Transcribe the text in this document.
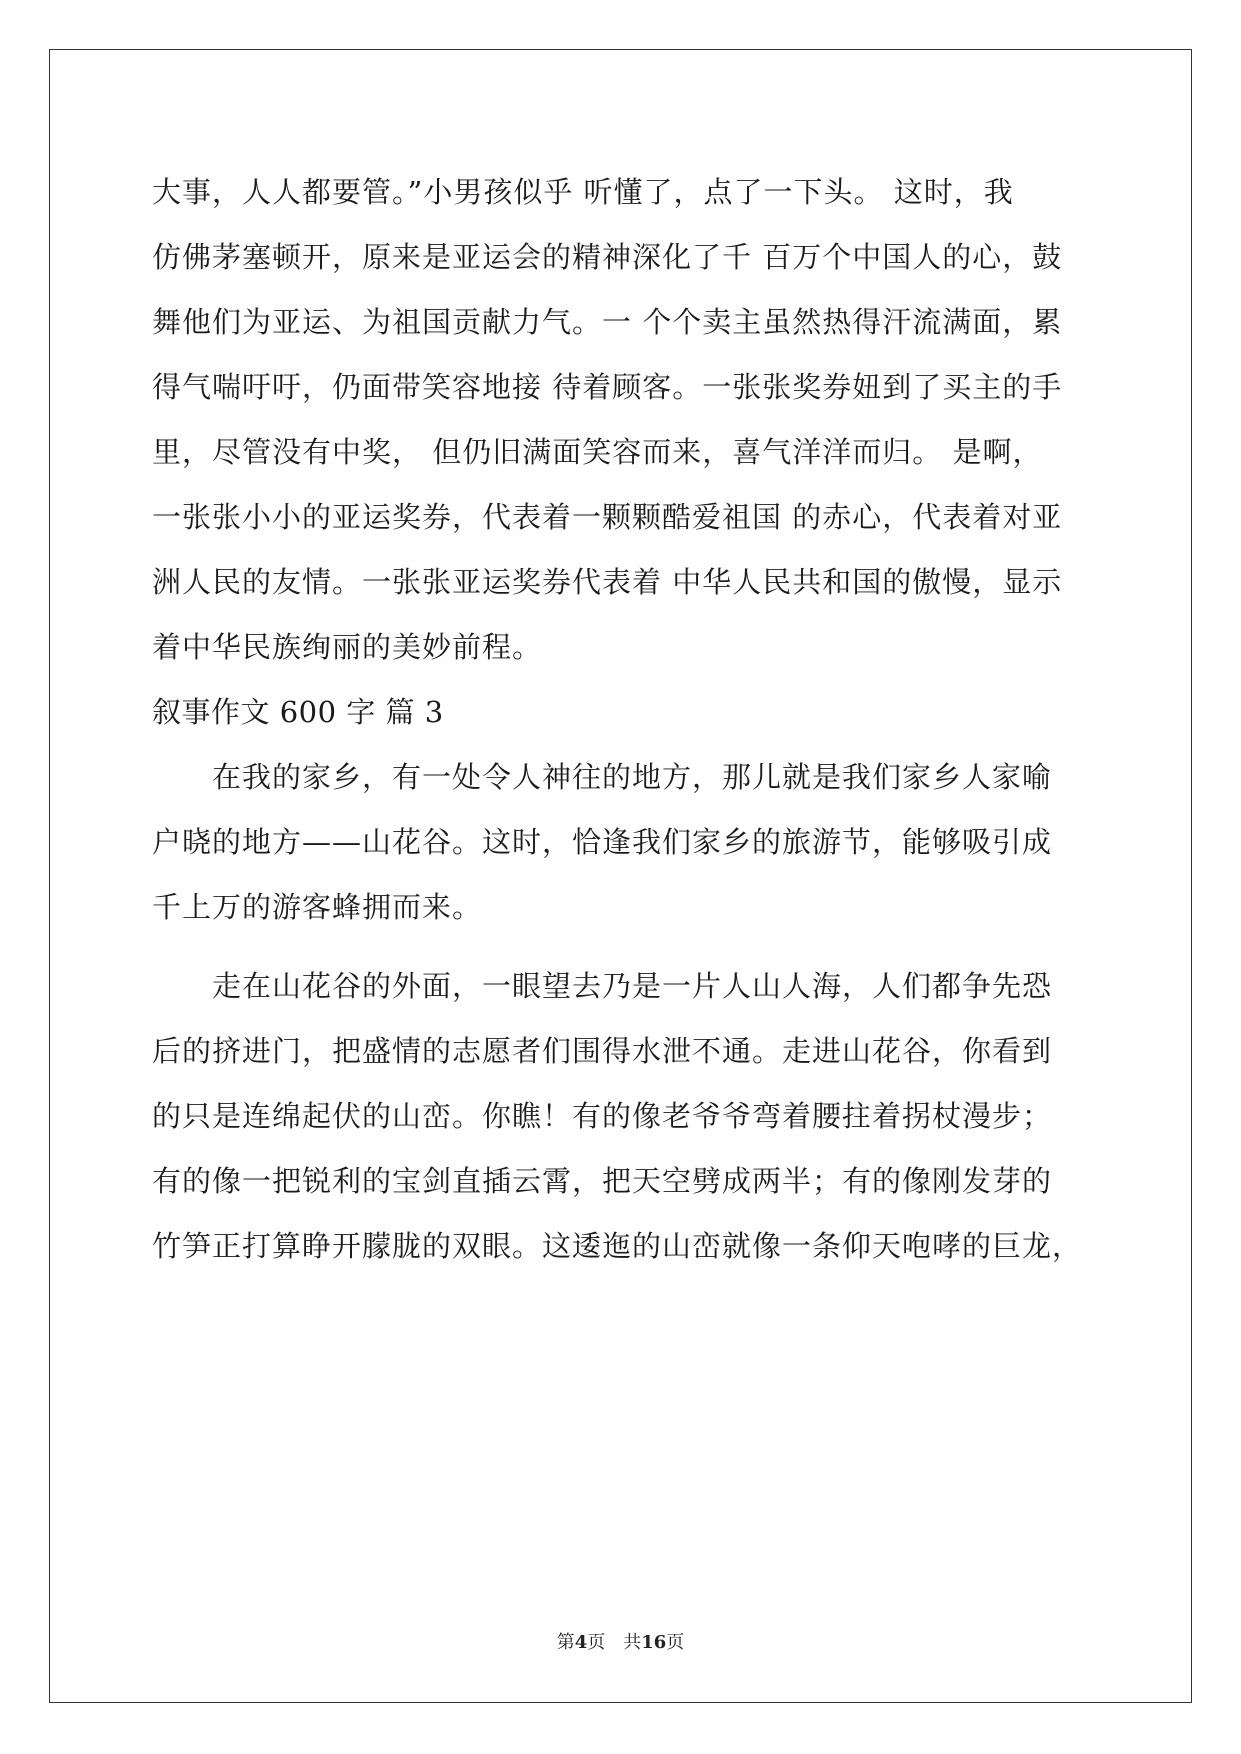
大事，人人都要管。”小男孩似乎 听懂了，点了一下头。 这时，我
仿佛茅塞顿开，原来是亚运会的精神深化了千 百万个中国人的心，鼓
舞他们为亚运、为祖国贡献力气。一 个个卖主虽然热得汗流满面，累
得气喘吁吁，仍面带笑容地接 待着顾客。一张张奖券妞到了买主的手
里，尽管没有中奖， 但仍旧满面笑容而来，喜气洋洋而归。 是啊，
一张张小小的亚运奖券，代表着一颗颗酷爱祖国 的赤心，代表着对亚
洲人民的友情。一张张亚运奖券代表着 中华人民共和国的傲慢，显示
着中华民族绚丽的美妙前程。
叙事作文 600 字 篇 3
在我的家乡，有一处令人神往的地方，那儿就是我们家乡人家喻
户晓的地方——山花谷。这时，恰逢我们家乡的旅游节，能够吸引成
千上万的游客蜂拥而来。
走在山花谷的外面，一眼望去乃是一片人山人海，人们都争先恐
后的挤进门，把盛情的志愿者们围得水泄不通。走进山花谷，你看到
的只是连绵起伏的山峦。你瞧！有的像老爷爷弯着腰拄着拐杖漫步；
有的像一把锐利的宝剑直插云霄，把天空劈成两半；有的像刚发芽的
竹笋正打算睁开朦胧的双眼。这逶迤的山峦就像一条仰天咆哮的巨龙，
第4页 共16页
